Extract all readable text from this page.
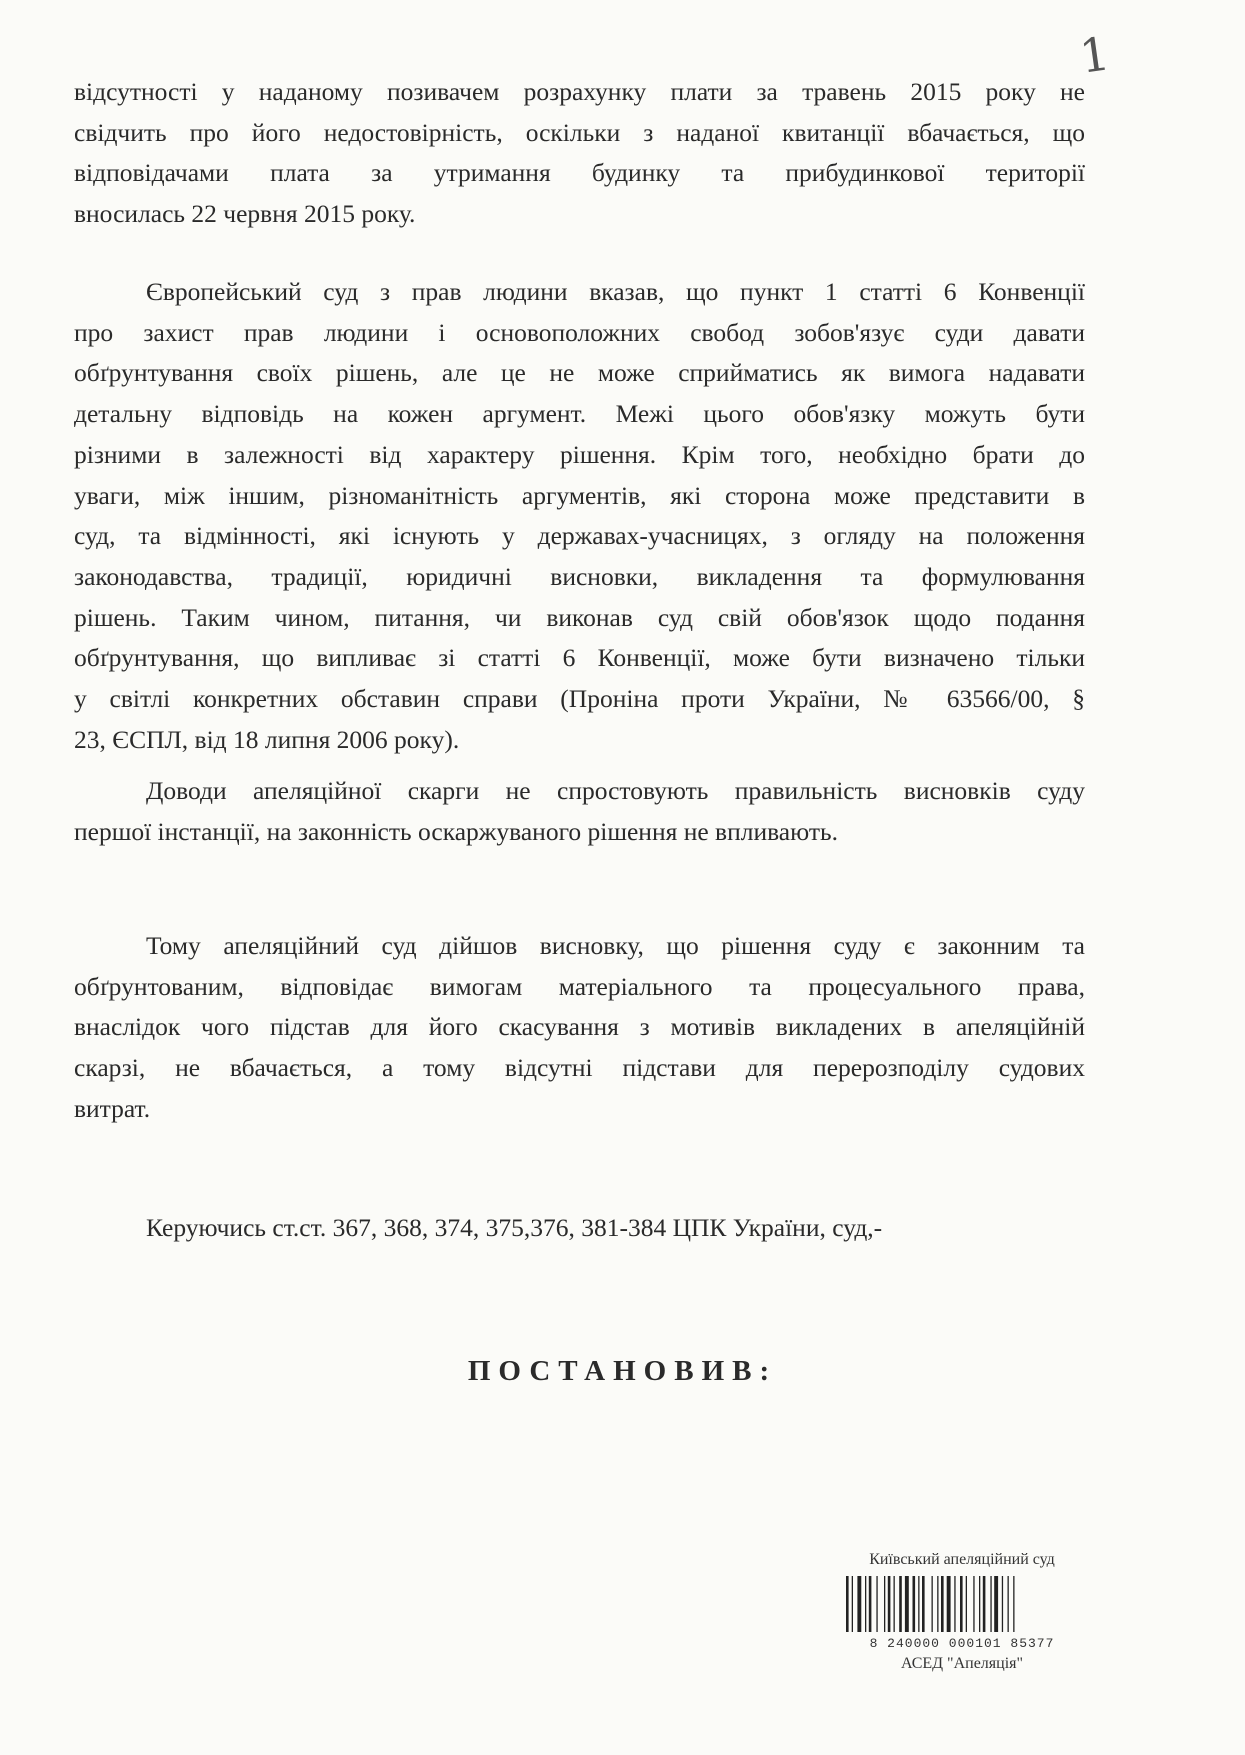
1
відсутності у наданому позивачем розрахунку плати за травень 2015 року не
свідчить про його недостовірність, оскільки з наданої квитанції вбачається, що
відповідачами плата за утримання будинку та прибудинкової території
вносилась 22 червня 2015 року.
Європейський суд з прав людини вказав, що пункт 1 статті 6 Конвенції
про захист прав людини і основоположних свобод зобов'язує суди давати
обґрунтування своїх рішень, але це не може сприйматись як вимога надавати
детальну відповідь на кожен аргумент. Межі цього обов'язку можуть бути
різними в залежності від характеру рішення. Крім того, необхідно брати до
уваги, між іншим, різноманітність аргументів, які сторона може представити в
суд, та відмінності, які існують у державах-учасницях, з огляду на положення
законодавства, традиції, юридичні висновки, викладення та формулювання
рішень. Таким чином, питання, чи виконав суд свій обов'язок щодо подання
обґрунтування, що випливає зі статті 6 Конвенції, може бути визначено тільки
у світлі конкретних обставин справи (Проніна проти України, № 63566/00, §
23, ЄСПЛ, від 18 липня 2006 року).
Доводи апеляційної скарги не спростовують правильність висновків суду
першої інстанції, на законність оскаржуваного рішення не впливають.
Тому апеляційний суд дійшов висновку, що рішення суду є законним та
обґрунтованим, відповідає вимогам матеріального та процесуального права,
внаслідок чого підстав для його скасування з мотивів викладених в апеляційній
скарзі, не вбачається, а тому відсутні підстави для перерозподілу судових
витрат.
Керуючись ст.ст. 367, 368, 374, 375,376, 381-384 ЦПК України, суд,-
ПОСТАНОВИВ:
Київський апеляційний суд
8 240000 000101 85377
АСЕД "Апеляція"
